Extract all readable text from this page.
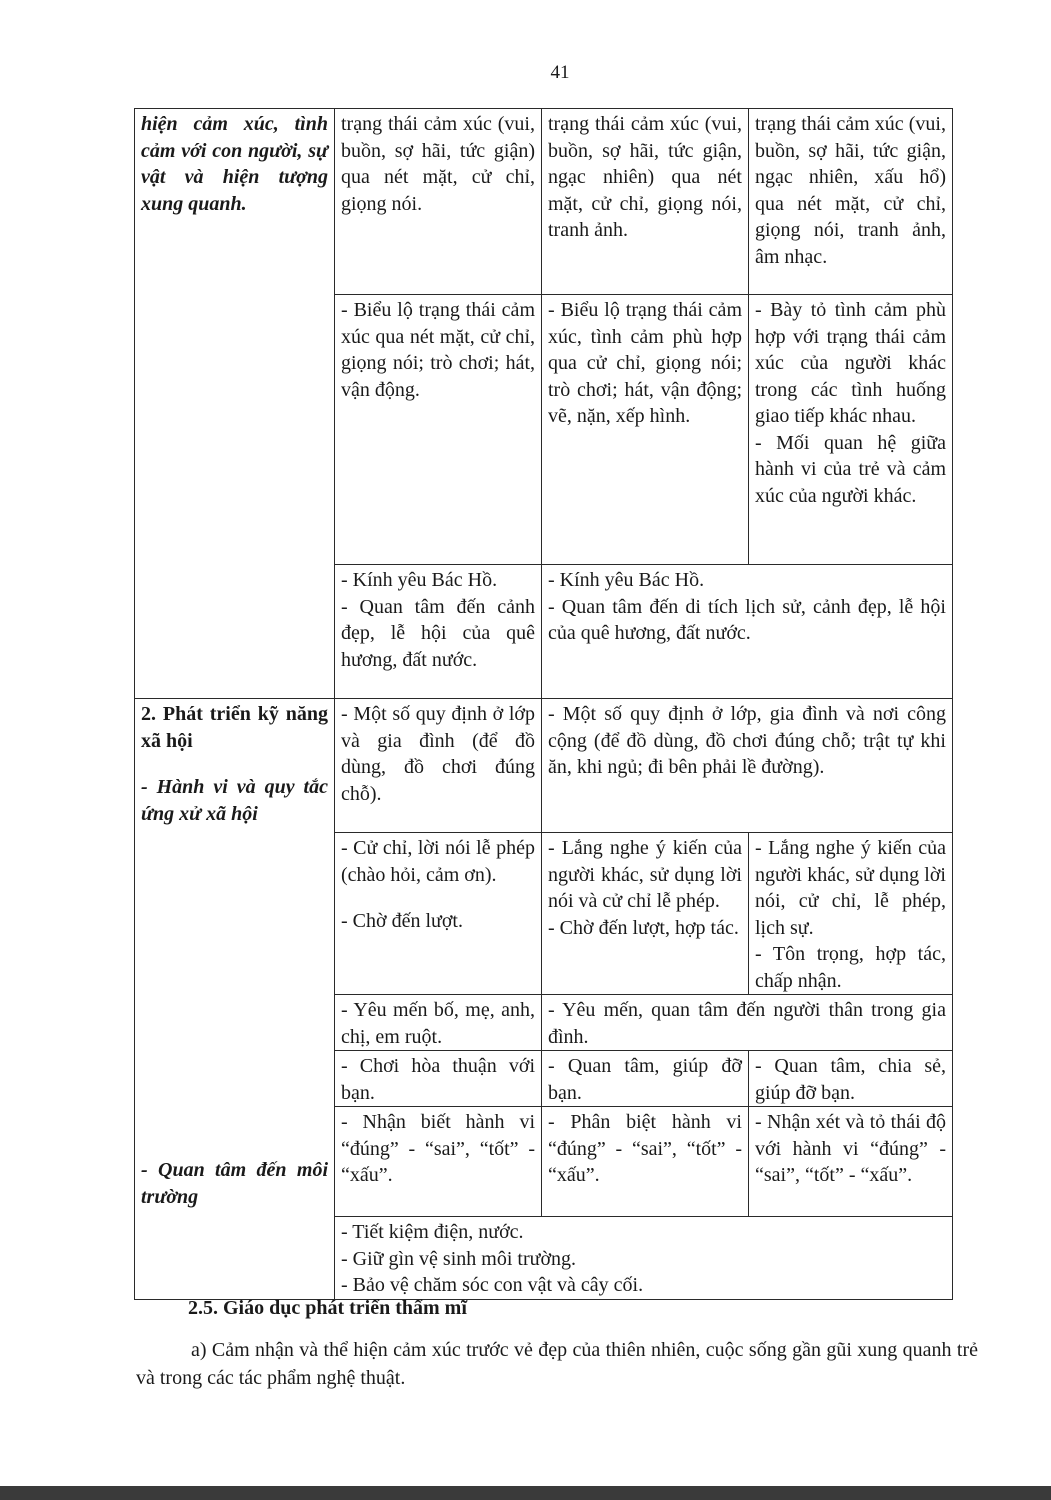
41
hiện cảm xúc, tình cảm với con người, sự vật và hiện tượng xung quanh.	trạng thái cảm xúc (vui, buồn, sợ hãi, tức giận) qua nét mặt, cử chỉ, giọng nói.	trạng thái cảm xúc (vui, buồn, sợ hãi, tức giận, ngạc nhiên) qua nét mặt, cử chỉ, giọng nói, tranh ảnh.	trạng thái cảm xúc (vui, buồn, sợ hãi, tức giận, ngạc nhiên, xấu hổ) qua nét mặt, cử chỉ, giọng nói, tranh ảnh, âm nhạc.

	- Biểu lộ trạng thái cảm xúc qua nét mặt, cử chỉ, giọng nói; trò chơi; hát, vận động.	- Biểu lộ trạng thái cảm xúc, tình cảm phù hợp qua cử chỉ, giọng nói; trò chơi; hát, vận động; vẽ, nặn, xếp hình.	- Bày tỏ tình cảm phù hợp với trạng thái cảm xúc của người khác trong các tình huống giao tiếp khác nhau.
- Mối quan hệ giữa hành vi của trẻ và cảm xúc của người khác.

	- Kính yêu Bác Hồ.
- Quan tâm đến cảnh đẹp, lễ hội của quê hương, đất nước.	- Kính yêu Bác Hồ.
- Quan tâm đến di tích lịch sử, cảnh đẹp, lễ hội của quê hương, đất nước.	

2. Phát triển kỹ năng xã hội
- Hành vi và quy tắc ứng xử xã hội
- Quan tâm đến môi trường	- Một số quy định ở lớp và gia đình (để đồ dùng, đồ chơi đúng chỗ).	- Một số quy định ở lớp, gia đình và nơi công cộng (để đồ dùng, đồ chơi đúng chỗ; trật tự khi ăn, khi ngủ; đi bên phải lề đường).	

	- Cử chỉ, lời nói lễ phép (chào hỏi, cảm ơn).
- Chờ đến lượt.	- Lắng nghe ý kiến của người khác, sử dụng lời nói và cử chỉ lễ phép.
- Chờ đến lượt, hợp tác.	- Lắng nghe ý kiến của người khác, sử dụng lời nói, cử chỉ, lễ phép, lịch sự.
- Tôn trọng, hợp tác, chấp nhận.

	- Yêu mến bố, mẹ, anh, chị, em ruột.	- Yêu mến, quan tâm đến người thân trong gia đình.	

	- Chơi hòa thuận với bạn.	- Quan tâm, giúp đỡ bạn.	- Quan tâm, chia sẻ, giúp đỡ bạn.

	- Nhận biết hành vi “đúng” - “sai”, “tốt” - “xấu”.	- Phân biệt hành vi “đúng” - “sai”, “tốt” - “xấu”.	- Nhận xét và tỏ thái độ với hành vi “đúng” - “sai”, “tốt” - “xấu”.

	- Tiết kiệm điện, nước.
- Giữ gìn vệ sinh môi trường.
- Bảo vệ chăm sóc con vật và cây cối.		
2.5. Giáo dục phát triển thẩm mĩ
a) Cảm nhận và thể hiện cảm xúc trước vẻ đẹp của thiên nhiên, cuộc sống gần gũi xung quanh trẻ và trong các tác phẩm nghệ thuật.
